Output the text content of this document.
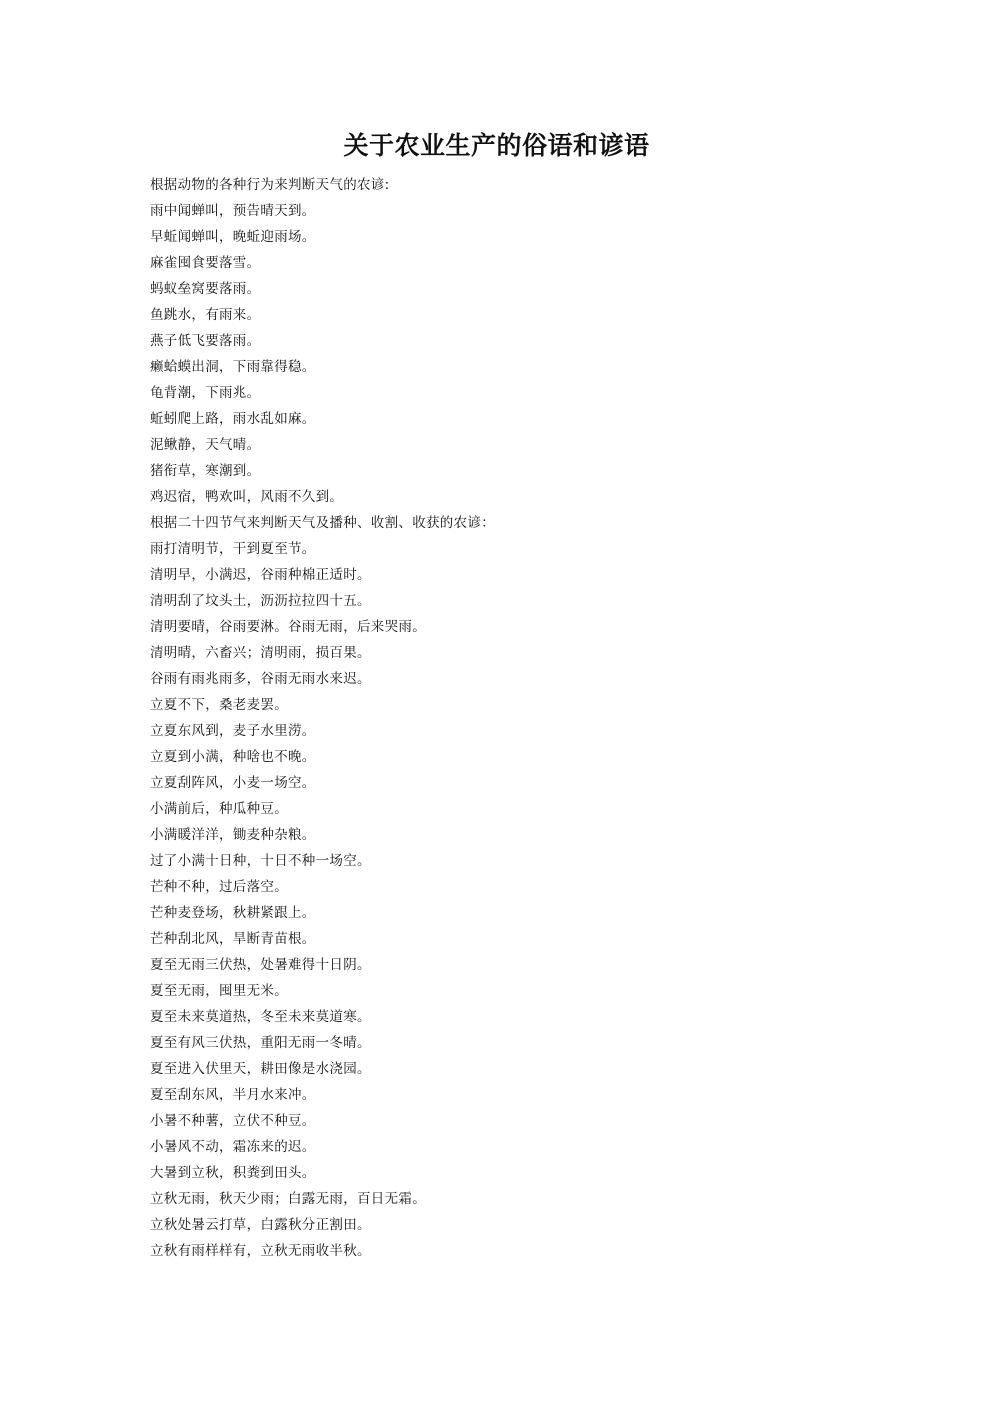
关于农业生产的俗语和谚语
根据动物的各种行为来判断天气的农谚:
雨中闻蝉叫，预告晴天到。
早蚯闻蝉叫，晚蚯迎雨场。
麻雀囤食要落雪。
蚂蚁垒窝要落雨。
鱼跳水，有雨来。
燕子低飞要落雨。
癞蛤蟆出洞，下雨靠得稳。
龟背潮，下雨兆。
蚯蚓爬上路，雨水乱如麻。
泥鳅静，天气晴。
猪衔草，寒潮到。
鸡迟宿，鸭欢叫，风雨不久到。
根据二十四节气来判断天气及播种、收割、收获的农谚：
雨打清明节，干到夏至节。
清明早，小满迟，谷雨种棉正适时。
清明刮了坟头土，沥沥拉拉四十五。
清明要晴，谷雨要淋。谷雨无雨，后来哭雨。
清明晴，六畜兴；清明雨，损百果。
谷雨有雨兆雨多，谷雨无雨水来迟。
立夏不下，桑老麦罢。
立夏东风到，麦子水里涝。
立夏到小满，种啥也不晚。
立夏刮阵风，小麦一场空。
小满前后，种瓜种豆。
小满暖洋洋，锄麦种杂粮。
过了小满十日种，十日不种一场空。
芒种不种，过后落空。
芒种麦登场，秋耕紧跟上。
芒种刮北风，旱断青苗根。
夏至无雨三伏热，处暑难得十日阴。
夏至无雨，囤里无米。
夏至未来莫道热，冬至未来莫道寒。
夏至有风三伏热，重阳无雨一冬晴。
夏至进入伏里天，耕田像是水浇园。
夏至刮东风，半月水来冲。
小暑不种薯，立伏不种豆。
小暑风不动，霜冻来的迟。
大暑到立秋，积粪到田头。
立秋无雨，秋天少雨；白露无雨，百日无霜。
立秋处暑云打草，白露秋分正割田。
立秋有雨样样有，立秋无雨收半秋。
